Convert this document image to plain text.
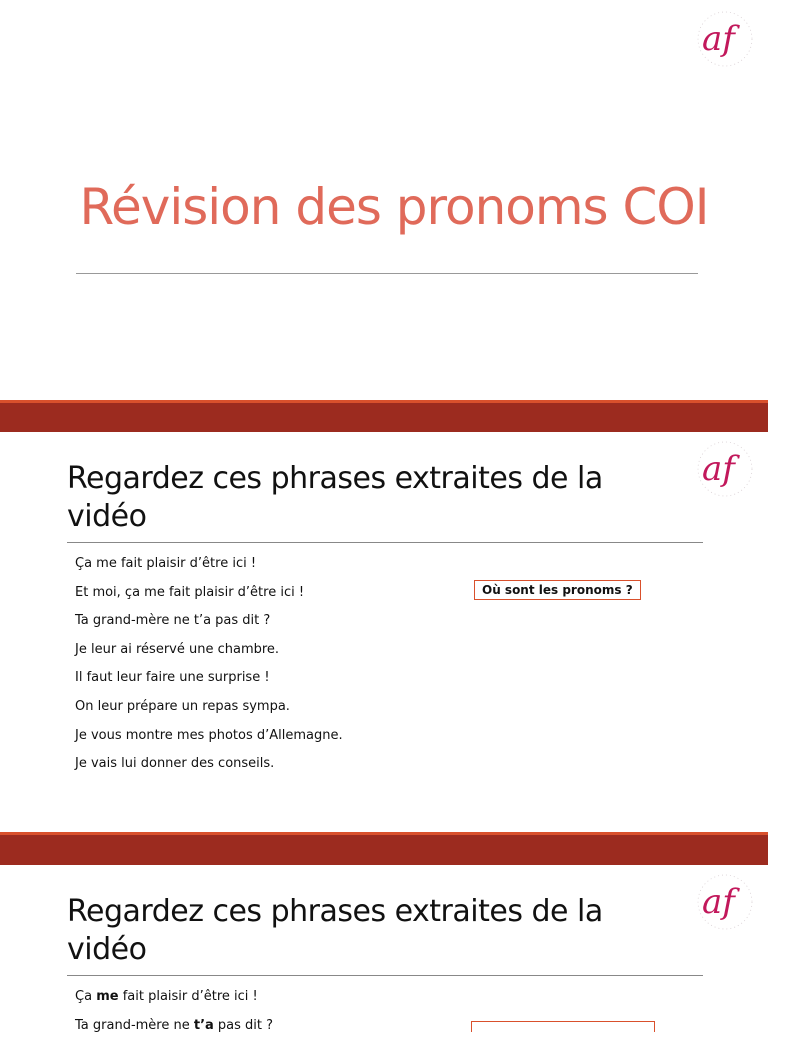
af
Révision des pronoms COI
af
Regardez ces phrases extraites de la
vidéo
Ça me fait plaisir d’être ici !
Et moi, ça me fait plaisir d’être ici !
Ta grand-mère ne t’a pas dit ?
Je leur ai réservé une chambre.
Il faut leur faire une surprise !
On leur prépare un repas sympa.
Je vous montre mes photos d’Allemagne.
Je vais lui donner des conseils.
Où sont les pronoms ?
af
Regardez ces phrases extraites de la
vidéo
Ça me fait plaisir d’être ici !
Ta grand-mère ne t’a pas dit ?
